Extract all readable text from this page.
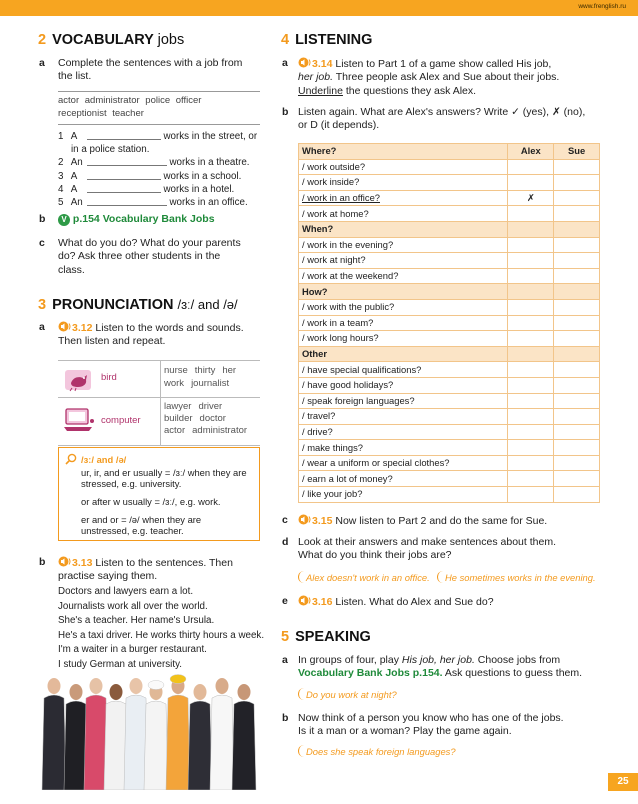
www.frenglish.ru
2 VOCABULARY jobs
a Complete the sentences with a job from
the list.
actor administrator police officer
receptionist teacher
1 A	works in the street, or
in a police station.
2 An	works in a theatre.
3 A	works in a school.
4 A	works in a hotel.
5 An	works in an office.
b	V p.154 Vocabulary Bank Jobs
c What do you do? What do your parents
do? Ask three other students in the
class.
3 PRONUNCIATION /ɜː/ and /ə/
a	3.12 Listen to the words and sounds.
Then listen and repeat.
bird
nurse thirty her
work journalist
computer
lawyer driver
builder doctor
actor administrator
/ɜː/ and /ə/
ur, ir, and er usually = /ɜː/ when they are
stressed, e.g. university.
or after w usually = /ɜː/, e.g. work.
er and or = /ə/ when they are
unstressed, e.g. teacher.
b	3.13 Listen to the sentences. Then
practise saying them.
Doctors and lawyers earn a lot.
Journalists work all over the world.
She's a teacher. Her name's Ursula.
He's a taxi driver. He works thirty hours a week.
I'm a waiter in a burger restaurant.
I study German at university.
4 LISTENING
a	3.14 Listen to Part 1 of a game show called His job,
her job. Three people ask Alex and Sue about their jobs.
Underline the questions they ask Alex.
b Listen again. What are Alex's answers? Write ✓ (yes), ✗ (no),
or D (it depends).
Where?	Alex	Sue
/ work outside?		
/ work inside?		
/ work in an office?	✗	
/ work at home?		
When?		
/ work in the evening?		
/ work at night?		
/ work at the weekend?		
How?		
/ work with the public?		
/ work in a team?		
/ work long hours?		
Other		
/ have special qualifications?		
/ have good holidays?		
/ speak foreign languages?		
/ travel?		
/ drive?		
/ make things?		
/ wear a uniform or special clothes?		
/ earn a lot of money?		
/ like your job?		
c	3.15 Now listen to Part 2 and do the same for Sue.
d Look at their answers and make sentences about them.
What do you think their jobs are?
Alex doesn't work in an office.	He sometimes works in the evening.
e	3.16 Listen. What do Alex and Sue do?
5 SPEAKING
a In groups of four, play His job, her job. Choose jobs from
Vocabulary Bank Jobs p.154. Ask questions to guess them.
Do you work at night?
b Now think of a person you know who has one of the jobs.
Is it a man or a woman? Play the game again.
Does she speak foreign languages?
25
